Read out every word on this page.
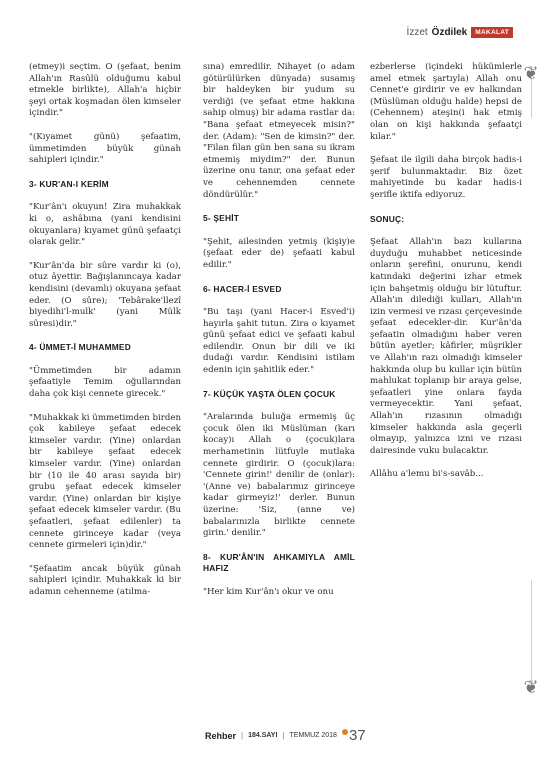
İzzet Özdilek	MAKALAT

(etmey)i seçtim. O (şefaat, benim Allah'ın Rasûlü olduğumu kabul etmekle birlikte), Allah'a hiçbir şeyi ortak koşmadan ölen kimseler içindir."

"(Kıyamet günü) şefaatim, ümmetimden büyük günah sahipleri içindir."

3- KUR'AN-I KERİM

"Kur'ân'ı okuyun! Zira muhakkak ki o, ashâbına (yani kendisini okuyanlara) kıyamet günü şefaatçi olarak gelir."

"Kur'ân'da bir sûre vardır ki (o), otuz âyettir. Bağışlanıncaya kadar kendisini (devamlı) okuyana şefaat eder. (O sûre); 'Tebârake'llezî biyedihi'l-mulk' (yani Mülk sûresi)dir."

4- ÜMMET-İ MUHAMMED

"Ümmetimden bir adamın şefaatiyle Temim oğullarından daha çok kişi cennete girecek."

"Muhakkak ki ümmetimden birden çok kabileye şefaat edecek kimseler vardır. (Yine) onlardan bir kabileye şefaat edecek kimseler vardır. (Yine) onlardan bir (10 ile 40 arası sayıda bir) grubu şefaat edecek kimseler vardır. (Yine) onlardan bir kişiye şefaat edecek kimseler vardır. (Bu şefaatleri, şefaat edilenler) ta cennete girinceye kadar (veya cennete girmeleri için)dir."

"Şefaatim ancak büyük günah sahipleri içindir. Muhakkak ki bir adamın cehenneme (atılma-

sına) emredilir. Nihayet (o adam götürülürken dünyada) susamış bir haldeyken bir yudum su verdiği (ve şefaat etme hakkına sahip olmuş) bir adama rastlar da: "Bana şefaat etmeyecek misin?" der. (Adam): "Sen de kimsin?" der. "Filan filan gün ben sana su ikram etmemiş miydim?" der. Bunun üzerine onu tanır, ona şefaat eder ve cehennemden cennete döndürülür."

5- ŞEHİT

"Şehit, ailesinden yetmiş (kişiy)e (şefaat eder de) şefaati kabul edilir."

6- HACER-İ ESVED

"Bu taşı (yani Hacer-i Esved'i) hayırla şahit tutun. Zira o kıyamet günü şefaat edici ve şefaati kabul edilendir. Onun bir dili ve iki dudağı vardır. Kendisini istilam edenin için şahitlik eder."

7- KÜÇÜK YAŞTA ÖLEN ÇOCUK

"Aralarında buluğa ermemiş üç çocuk ölen iki Müslüman (karı kocay)ı Allah o (çocuk)lara merhametinin lütfuyle mutlaka cennete girdirir. O (çocuk)lara: 'Cennete girin!' denilir de (onlar): '(Anne ve) babalarımız girinceye kadar girmeyiz!' derler. Bunun üzerine: 'Siz, (anne ve) babalarınızla birlikte cennete girin.' denilir."

8- KUR'ÂN'IN AHKAMIYLA AMİL HAFIZ

"Her kim Kur'ân'ı okur ve onu

ezberlerse (içindeki hükümlerle amel etmek şartıyla) Allah onu Cennet'e girdirir ve ev halkından (Müslüman olduğu halde) hepsi de (Cehennem) ateşin(i hak etmiş olan on kişi hakkında şefaatçi kılar."

Şefaat ile ilgili daha birçok hadis-i şerif bulunmaktadır. Biz özet mahiyetinde bu kadar hadis-i şerifle iktifa ediyoruz.

SONUÇ:

Şefaat Allah'ın bazı kullarına duyduğu muhabbet neticesinde onların şerefini, onurunu, kendi katındaki değerini izhar etmek için bahşetmiş olduğu bir lütuftur. Allah'ın dilediği kulları, Allah'ın izin vermesi ve rızası çerçevesinde şefaat edecekler-dir. Kur'ân'da şefaatin olmadığını haber veren bütün ayetler; kâfirler, müşrikler ve Allah'ın razı olmadığı kimseler hakkında olup bu kullar için bütün mahlukat toplanıp bir araya gelse, şefaatleri yine onlara fayda vermeyecektir. Yani şefaat, Allah'ın rızasının olmadığı kimseler hakkında asla geçerli olmayıp, yalnızca izni ve rızası dairesinde vuku bulacaktır.

Allâhu a'lemu bi's-savâb...

❦
❦
Rehber | 184.SAYI | TEMMUZ 2018 37
